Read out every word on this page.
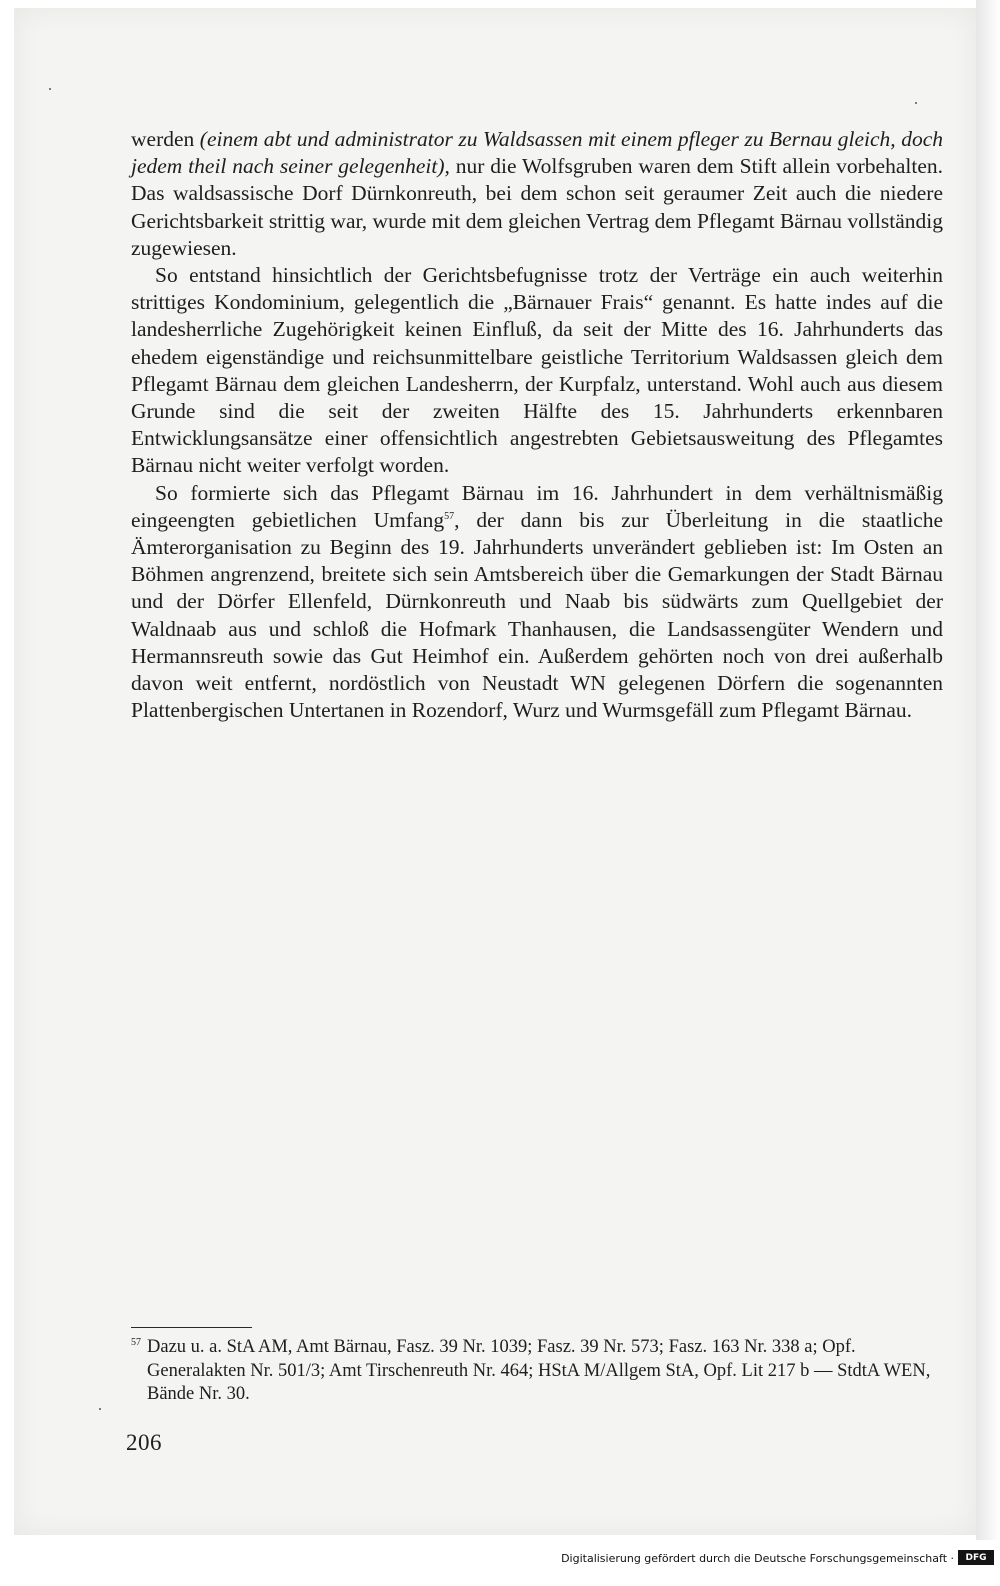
werden (einem abt und administrator zu Waldsassen mit einem pfleger zu Bernau gleich, doch jedem theil nach seiner gelegenheit), nur die Wolfsgruben waren dem Stift allein vorbehalten. Das waldsassische Dorf Dürnkonreuth, bei dem schon seit geraumer Zeit auch die niedere Gerichtsbarkeit strittig war, wurde mit dem gleichen Vertrag dem Pflegamt Bärnau vollständig zugewiesen.

So entstand hinsichtlich der Gerichtsbefugnisse trotz der Verträge ein auch weiterhin strittiges Kondominium, gelegentlich die „Bärnauer Frais“ genannt. Es hatte indes auf die landesherrliche Zugehörigkeit keinen Einfluß, da seit der Mitte des 16. Jahrhunderts das ehedem eigenständige und reichsunmittelbare geistliche Territorium Waldsassen gleich dem Pflegamt Bärnau dem gleichen Landesherrn, der Kurpfalz, unterstand. Wohl auch aus diesem Grunde sind die seit der zweiten Hälfte des 15. Jahrhunderts erkennbaren Entwicklungsansätze einer offensichtlich angestrebten Gebietsausweitung des Pflegamtes Bärnau nicht weiter verfolgt worden.

So formierte sich das Pflegamt Bärnau im 16. Jahrhundert in dem verhältnismäßig eingeengten gebietlichen Umfang$^{57}$, der dann bis zur Überleitung in die staatliche Ämterorganisation zu Beginn des 19. Jahrhunderts unverändert geblieben ist: Im Osten an Böhmen angrenzend, breitete sich sein Amtsbereich über die Gemarkungen der Stadt Bärnau und der Dörfer Ellenfeld, Dürnkonreuth und Naab bis südwärts zum Quellgebiet der Waldnaab aus und schloß die Hofmark Thanhausen, die Landsassengüter Wendern und Hermannsreuth sowie das Gut Heimhof ein. Außerdem gehörten noch von drei außerhalb davon weit entfernt, nordöstlich von Neustadt WN gelegenen Dörfern die sogenannten Plattenbergischen Untertanen in Rozendorf, Wurz und Wurmsgefäll zum Pflegamt Bärnau.

57 Dazu u. a. StA AM, Amt Bärnau, Fasz. 39 Nr. 1039; Fasz. 39 Nr. 573; Fasz. 163 Nr. 338 a; Opf. Generalakten Nr. 501/3; Amt Tirschenreuth Nr. 464; HStA M/Allgem StA, Opf. Lit 217 b — StdtA WEN, Bände Nr. 30.
206
Digitalisierung gefördert durch die Deutsche Forschungsgemeinschaft ·	DFG
